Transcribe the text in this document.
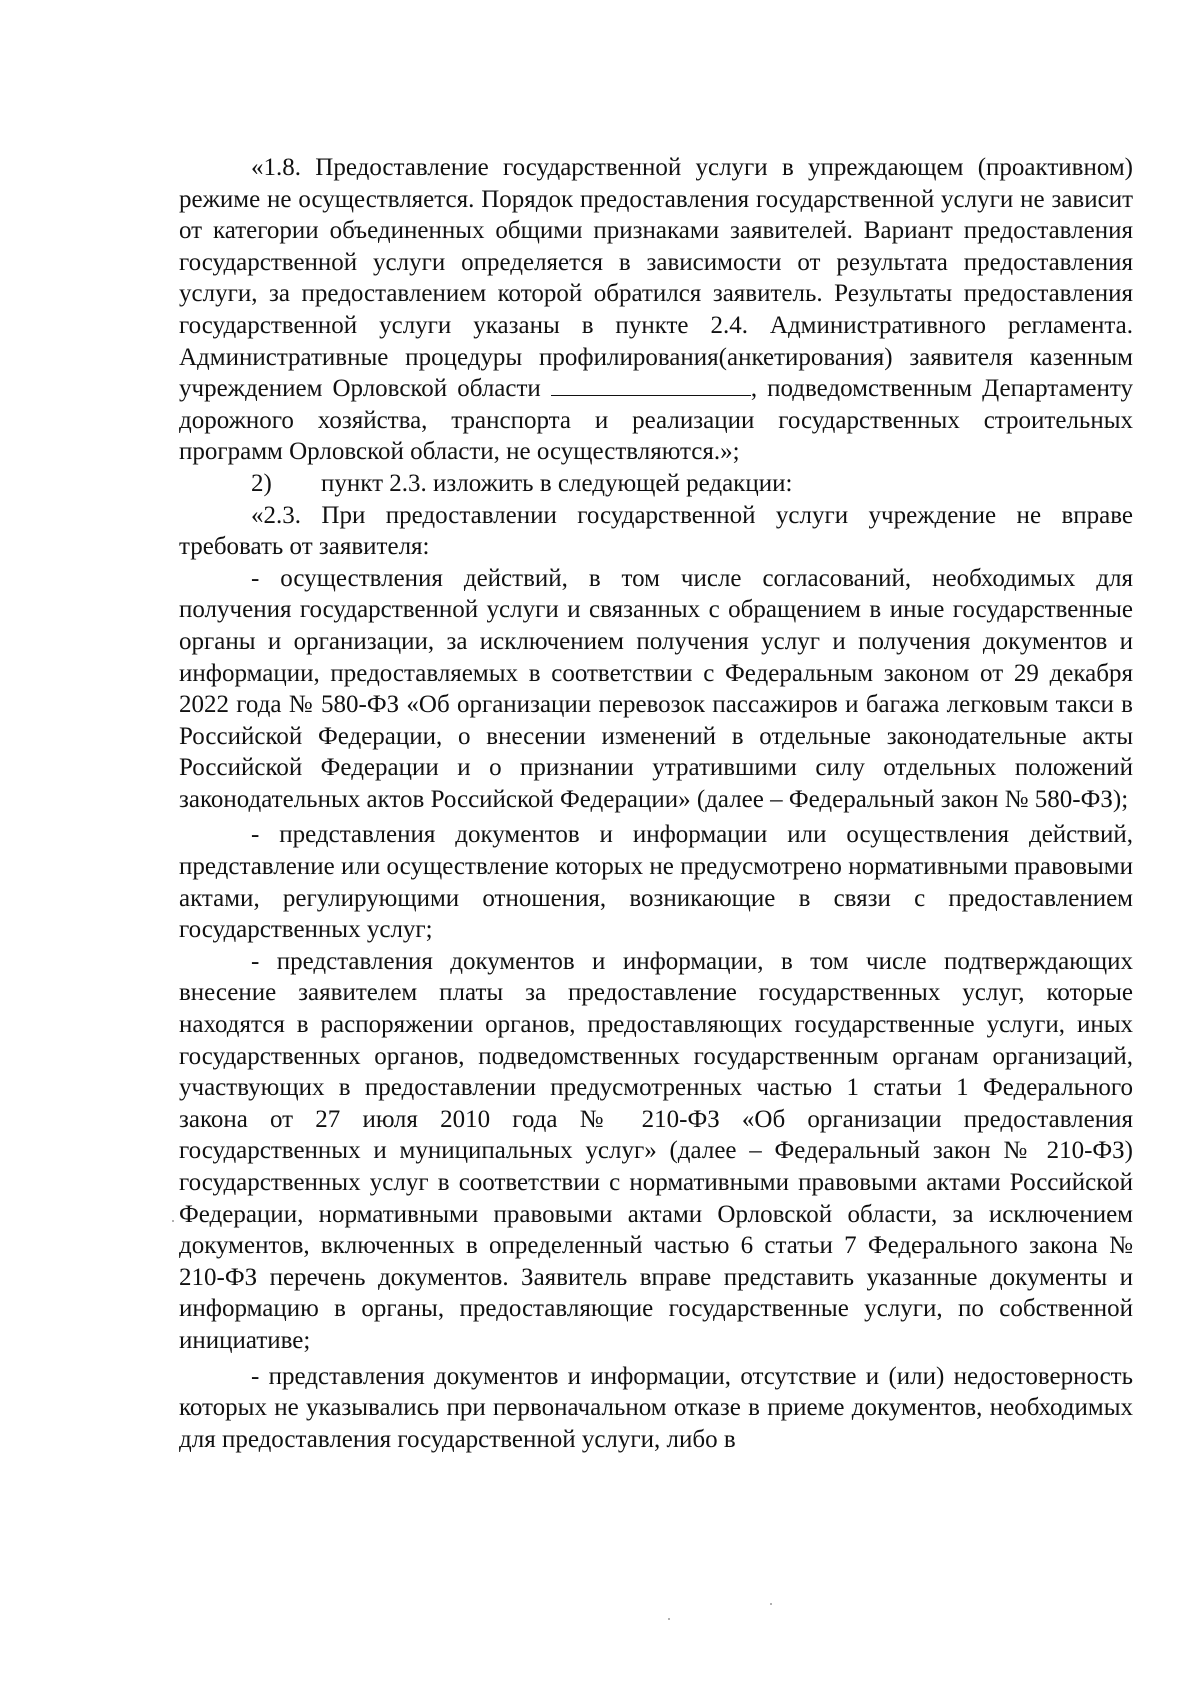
«1.8. Предоставление государственной услуги в упреждающем (проактивном) режиме не осуществляется. Порядок предоставления государственной услуги не зависит от категории объединенных общими признаками заявителей. Вариант предоставления государственной услуги определяется в зависимости от результата предоставления услуги, за предоставлением которой обратился заявитель. Результаты предоставления государственной услуги указаны в пункте 2.4. Административного регламента. Административные процедуры профилирования(анкетирования) заявителя казенным учреждением Орловской области	, подведомственным Департаменту дорожного хозяйства, транспорта и реализации государственных строительных программ Орловской области, не осуществляются.»;

2) пункт 2.3. изложить в следующей редакции:

«2.3. При предоставлении государственной услуги учреждение не вправе требовать от заявителя:

- осуществления действий, в том числе согласований, необходимых для получения государственной услуги и связанных с обращением в иные государственные органы и организации, за исключением получения услуг и получения документов и информации, предоставляемых в соответствии с Федеральным законом от 29 декабря 2022 года № 580-ФЗ «Об организации перевозок пассажиров и багажа легковым такси в Российской Федерации, о внесении изменений в отдельные законодательные акты Российской Федерации и о признании утратившими силу отдельных положений законодательных актов Российской Федерации» (далее – Федеральный закон № 580-ФЗ);

- представления документов и информации или осуществления действий, представление или осуществление которых не предусмотрено нормативными правовыми актами, регулирующими отношения, возникающие в связи с предоставлением государственных услуг;

- представления документов и информации, в том числе подтверждающих внесение заявителем платы за предоставление государственных услуг, которые находятся в распоряжении органов, предоставляющих государственные услуги, иных государственных органов, подведомственных государственным органам организаций, участвующих в предоставлении предусмотренных частью 1 статьи 1 Федерального закона от 27 июля 2010 года № 210-ФЗ «Об организации предоставления государственных и муниципальных услуг» (далее – Федеральный закон № 210-ФЗ) государственных услуг в соответствии с нормативными правовыми актами Российской Федерации, нормативными правовыми актами Орловской области, за исключением документов, включенных в определенный частью 6 статьи 7 Федерального закона № 210-ФЗ перечень документов. Заявитель вправе представить указанные документы и информацию в органы, предоставляющие государственные услуги, по собственной инициативе;

- представления документов и информации, отсутствие и (или) недостоверность которых не указывались при первоначальном отказе в приеме документов, необходимых для предоставления государственной услуги, либо в
